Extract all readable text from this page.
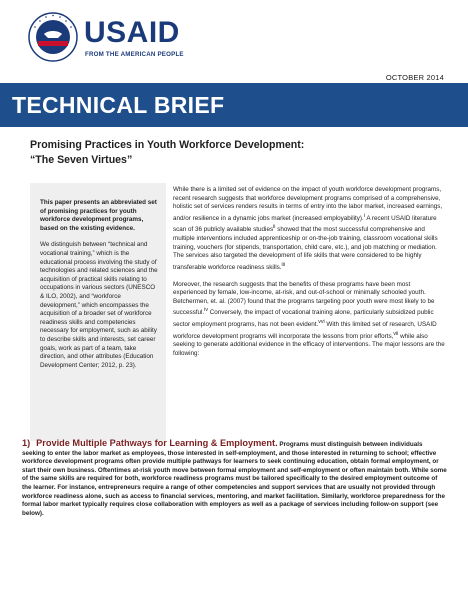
USAID
FROM THE AMERICAN PEOPLE
OCTOBER 2014
TECHNICAL BRIEF
Promising Practices in Youth Workforce Development:
“The Seven Virtues”

This paper presents an abbreviated set of promising practices for youth workforce development programs, based on the existing evidence.

We distinguish between “technical and vocational training,” which is the educational process involving the study of technologies and related sciences and the acquisition of practical skills relating to occupations in various sectors (UNESCO & ILO, 2002), and “workforce development,” which encompasses the acquisition of a broader set of workforce readiness skills and competencies necessary for employment, such as ability to describe skills and interests, set career goals, work as part of a team, take direction, and other attributes (Education Development Center; 2012, p. 23).

While there is a limited set of evidence on the impact of youth workforce development programs, recent research suggests that workforce development programs comprised of a comprehensive, holistic set of services renders results in terms of entry into the labor market, increased earnings, and/or resilience in a dynamic jobs market (increased employability).$^i$ A recent USAID literature scan of 36 publicly available studies$^{ii}$ showed that the most successful comprehensive and multiple interventions included apprenticeship or on-the-job training, classroom vocational skills training, vouchers (for stipends, transportation, child care, etc.), and job matching or mediation. The services also targeted the development of life skills that were considered to be highly transferable workforce readiness skills.$^{iii}$

Moreover, the research suggests that the benefits of these programs have been most experienced by female, low-income, at-risk, and out-of-school or minimally schooled youth. Betchermen, et. al. (2007) found that the programs targeting poor youth were most likely to be successful.$^{iv}$ Conversely, the impact of vocational training alone, particularly subsidized public sector employment programs, has not been evident.$^{vvi}$ With this limited set of research, USAID workforce development programs will incorporate the lessons from prior efforts,$^{vii}$ while also seeking to generate additional evidence in the efficacy of interventions. The major lessons are the following:

1) Provide Multiple Pathways for Learning & Employment. Programs must distinguish between individuals seeking to enter the labor market as employees, those interested in self-employment, and those interested in returning to school; effective workforce development programs often provide multiple pathways for learners to seek continuing education, obtain formal employment, or start their own business. Oftentimes at-risk youth move between formal employment and self-employment or often maintain both. While some of the same skills are required for both, workforce readiness programs must be tailored specifically to the desired employment outcome of the learner. For instance, entrepreneurs require a range of other competencies and support services that are usually not provided through workforce readiness alone, such as access to financial services, mentoring, and market facilitation. Similarly, workforce preparedness for the formal labor market typically requires close collaboration with employers as well as a package of services including follow-on support (see below).
